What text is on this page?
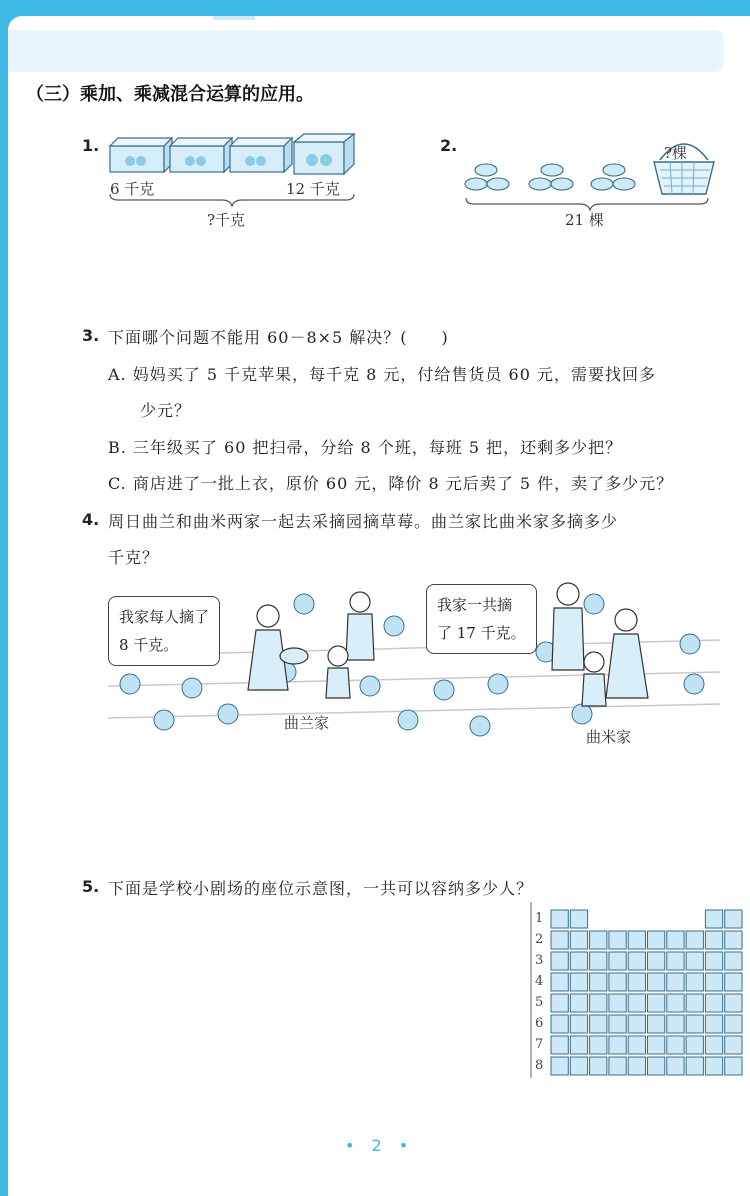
（三）乘加、乘减混合运算的应用。
1.
6 千克	12 千克
?千克
2.	?棵
21 棵
3. 下面哪个问题不能用 60－8×5 解决？(　　)
A. 妈妈买了 5 千克苹果，每千克 8 元，付给售货员 60 元，需要找回多
少元？
B. 三年级买了 60 把扫帚，分给 8 个班，每班 5 把，还剩多少把？
C. 商店进了一批上衣，原价 60 元，降价 8 元后卖了 5 件，卖了多少元？
4. 周日曲兰和曲米两家一起去采摘园摘草莓。曲兰家比曲米家多摘多少
千克？
我家每人摘了
8 千克。
我家一共摘
了 17 千克。
曲兰家
曲米家
5. 下面是学校小剧场的座位示意图，一共可以容纳多少人？
1
2
3
4
5
6
7
8
• 2 •
